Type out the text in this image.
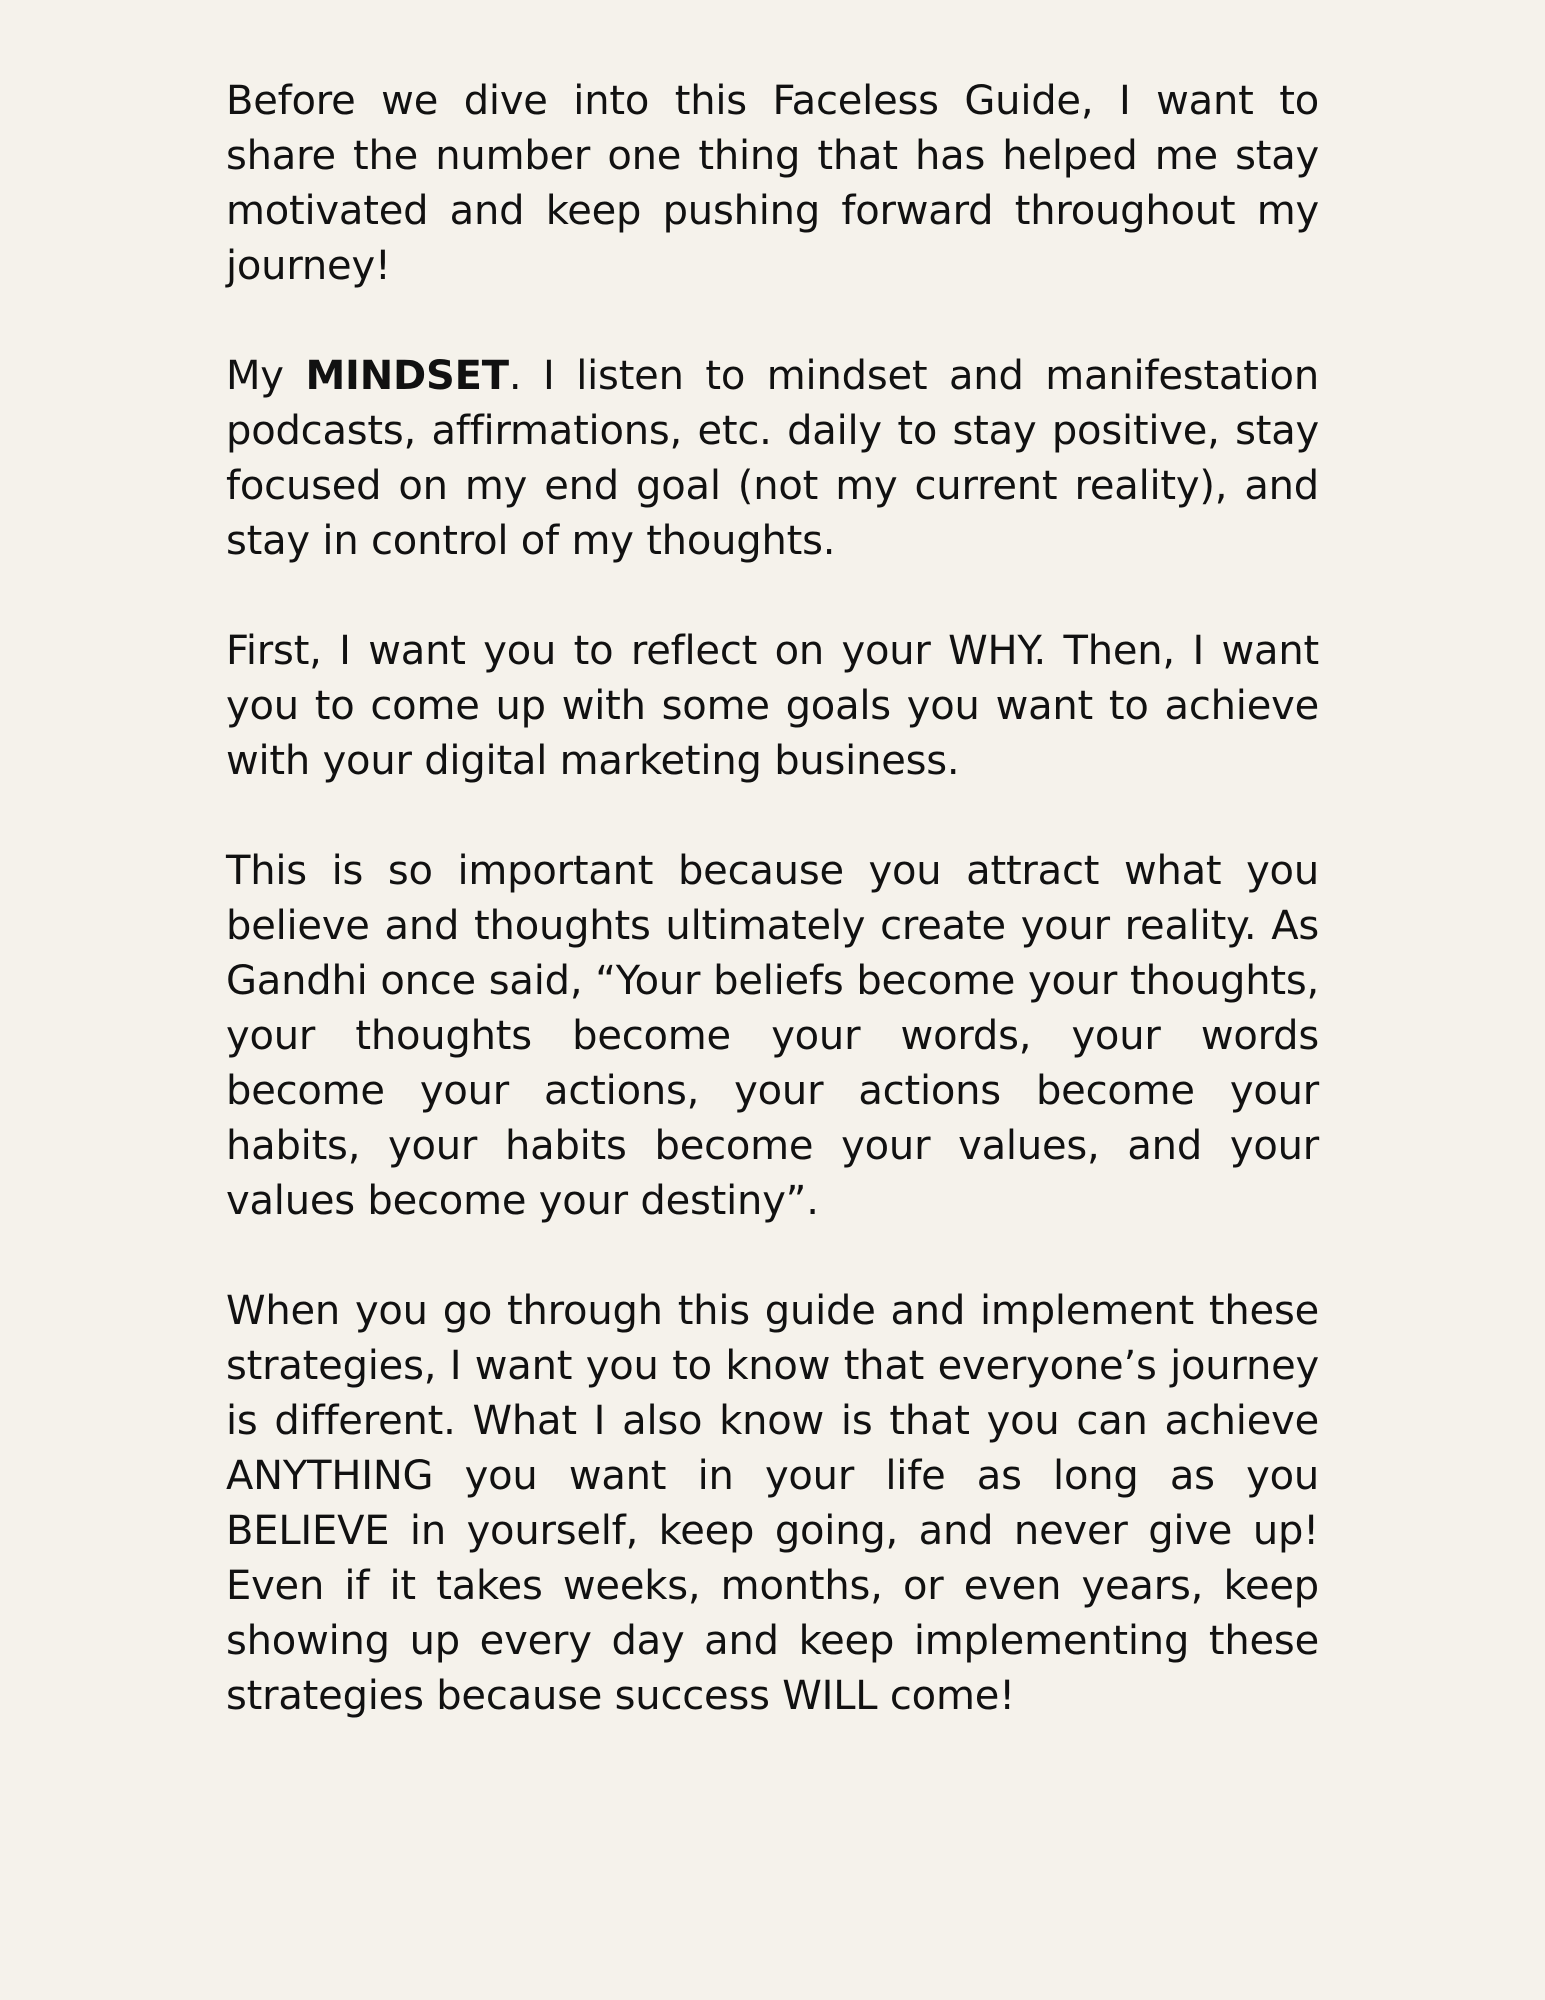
Before we dive into this Faceless Guide, I want to share the number one thing that has helped me stay motivated and keep pushing forward throughout my journey!

My MINDSET. I listen to mindset and manifestation podcasts, affirmations, etc. daily to stay positive, stay focused on my end goal (not my current reality), and stay in control of my thoughts.

First, I want you to reflect on your WHY. Then, I want you to come up with some goals you want to achieve with your digital marketing business.

This is so important because you attract what you believe and thoughts ultimately create your reality. As Gandhi once said, “Your beliefs become your thoughts, your thoughts become your words, your words become your actions, your actions become your habits, your habits become your values, and your values become your destiny”.

When you go through this guide and implement these strategies, I want you to know that everyone’s journey is different. What I also know is that you can achieve ANYTHING you want in your life as long as you BELIEVE in yourself, keep going, and never give up! Even if it takes weeks, months, or even years, keep showing up every day and keep implementing these strategies because success WILL come!
